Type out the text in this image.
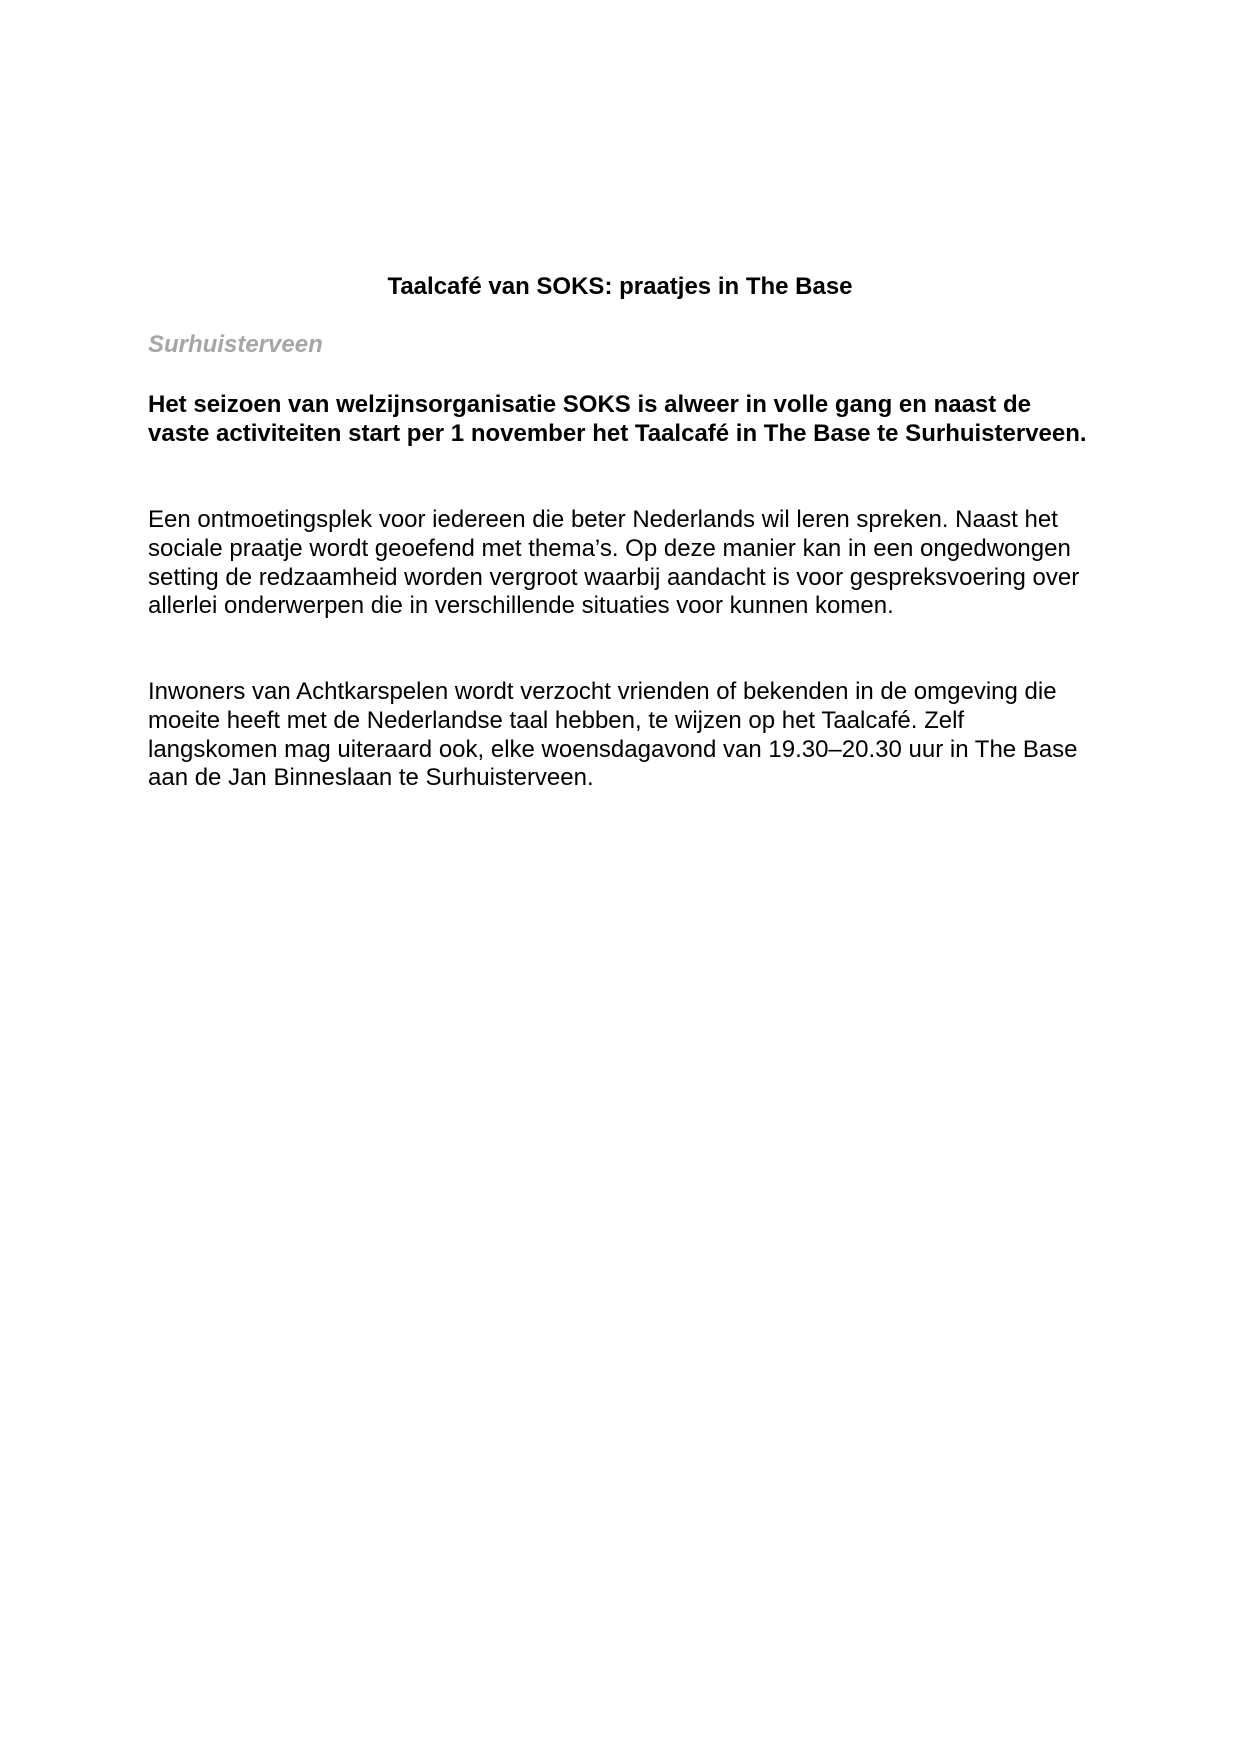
Taalcafé van SOKS: praatjes in The Base
Surhuisterveen
Het seizoen van welzijnsorganisatie SOKS is alweer in volle gang en naast de vaste activiteiten start per 1 november het Taalcafé in The Base te Surhuisterveen.
Een ontmoetingsplek voor iedereen die beter Nederlands wil leren spreken. Naast het sociale praatje wordt geoefend met thema’s. Op deze manier kan in een ongedwongen setting de redzaamheid worden vergroot waarbij aandacht is voor gespreksvoering over allerlei onderwerpen die in verschillende situaties voor kunnen komen.
Inwoners van Achtkarspelen wordt verzocht vrienden of bekenden in de omgeving die moeite heeft met de Nederlandse taal hebben, te wijzen op het Taalcafé. Zelf langskomen mag uiteraard ook, elke woensdagavond van 19.30–20.30 uur in The Base aan de Jan Binneslaan te Surhuisterveen.
